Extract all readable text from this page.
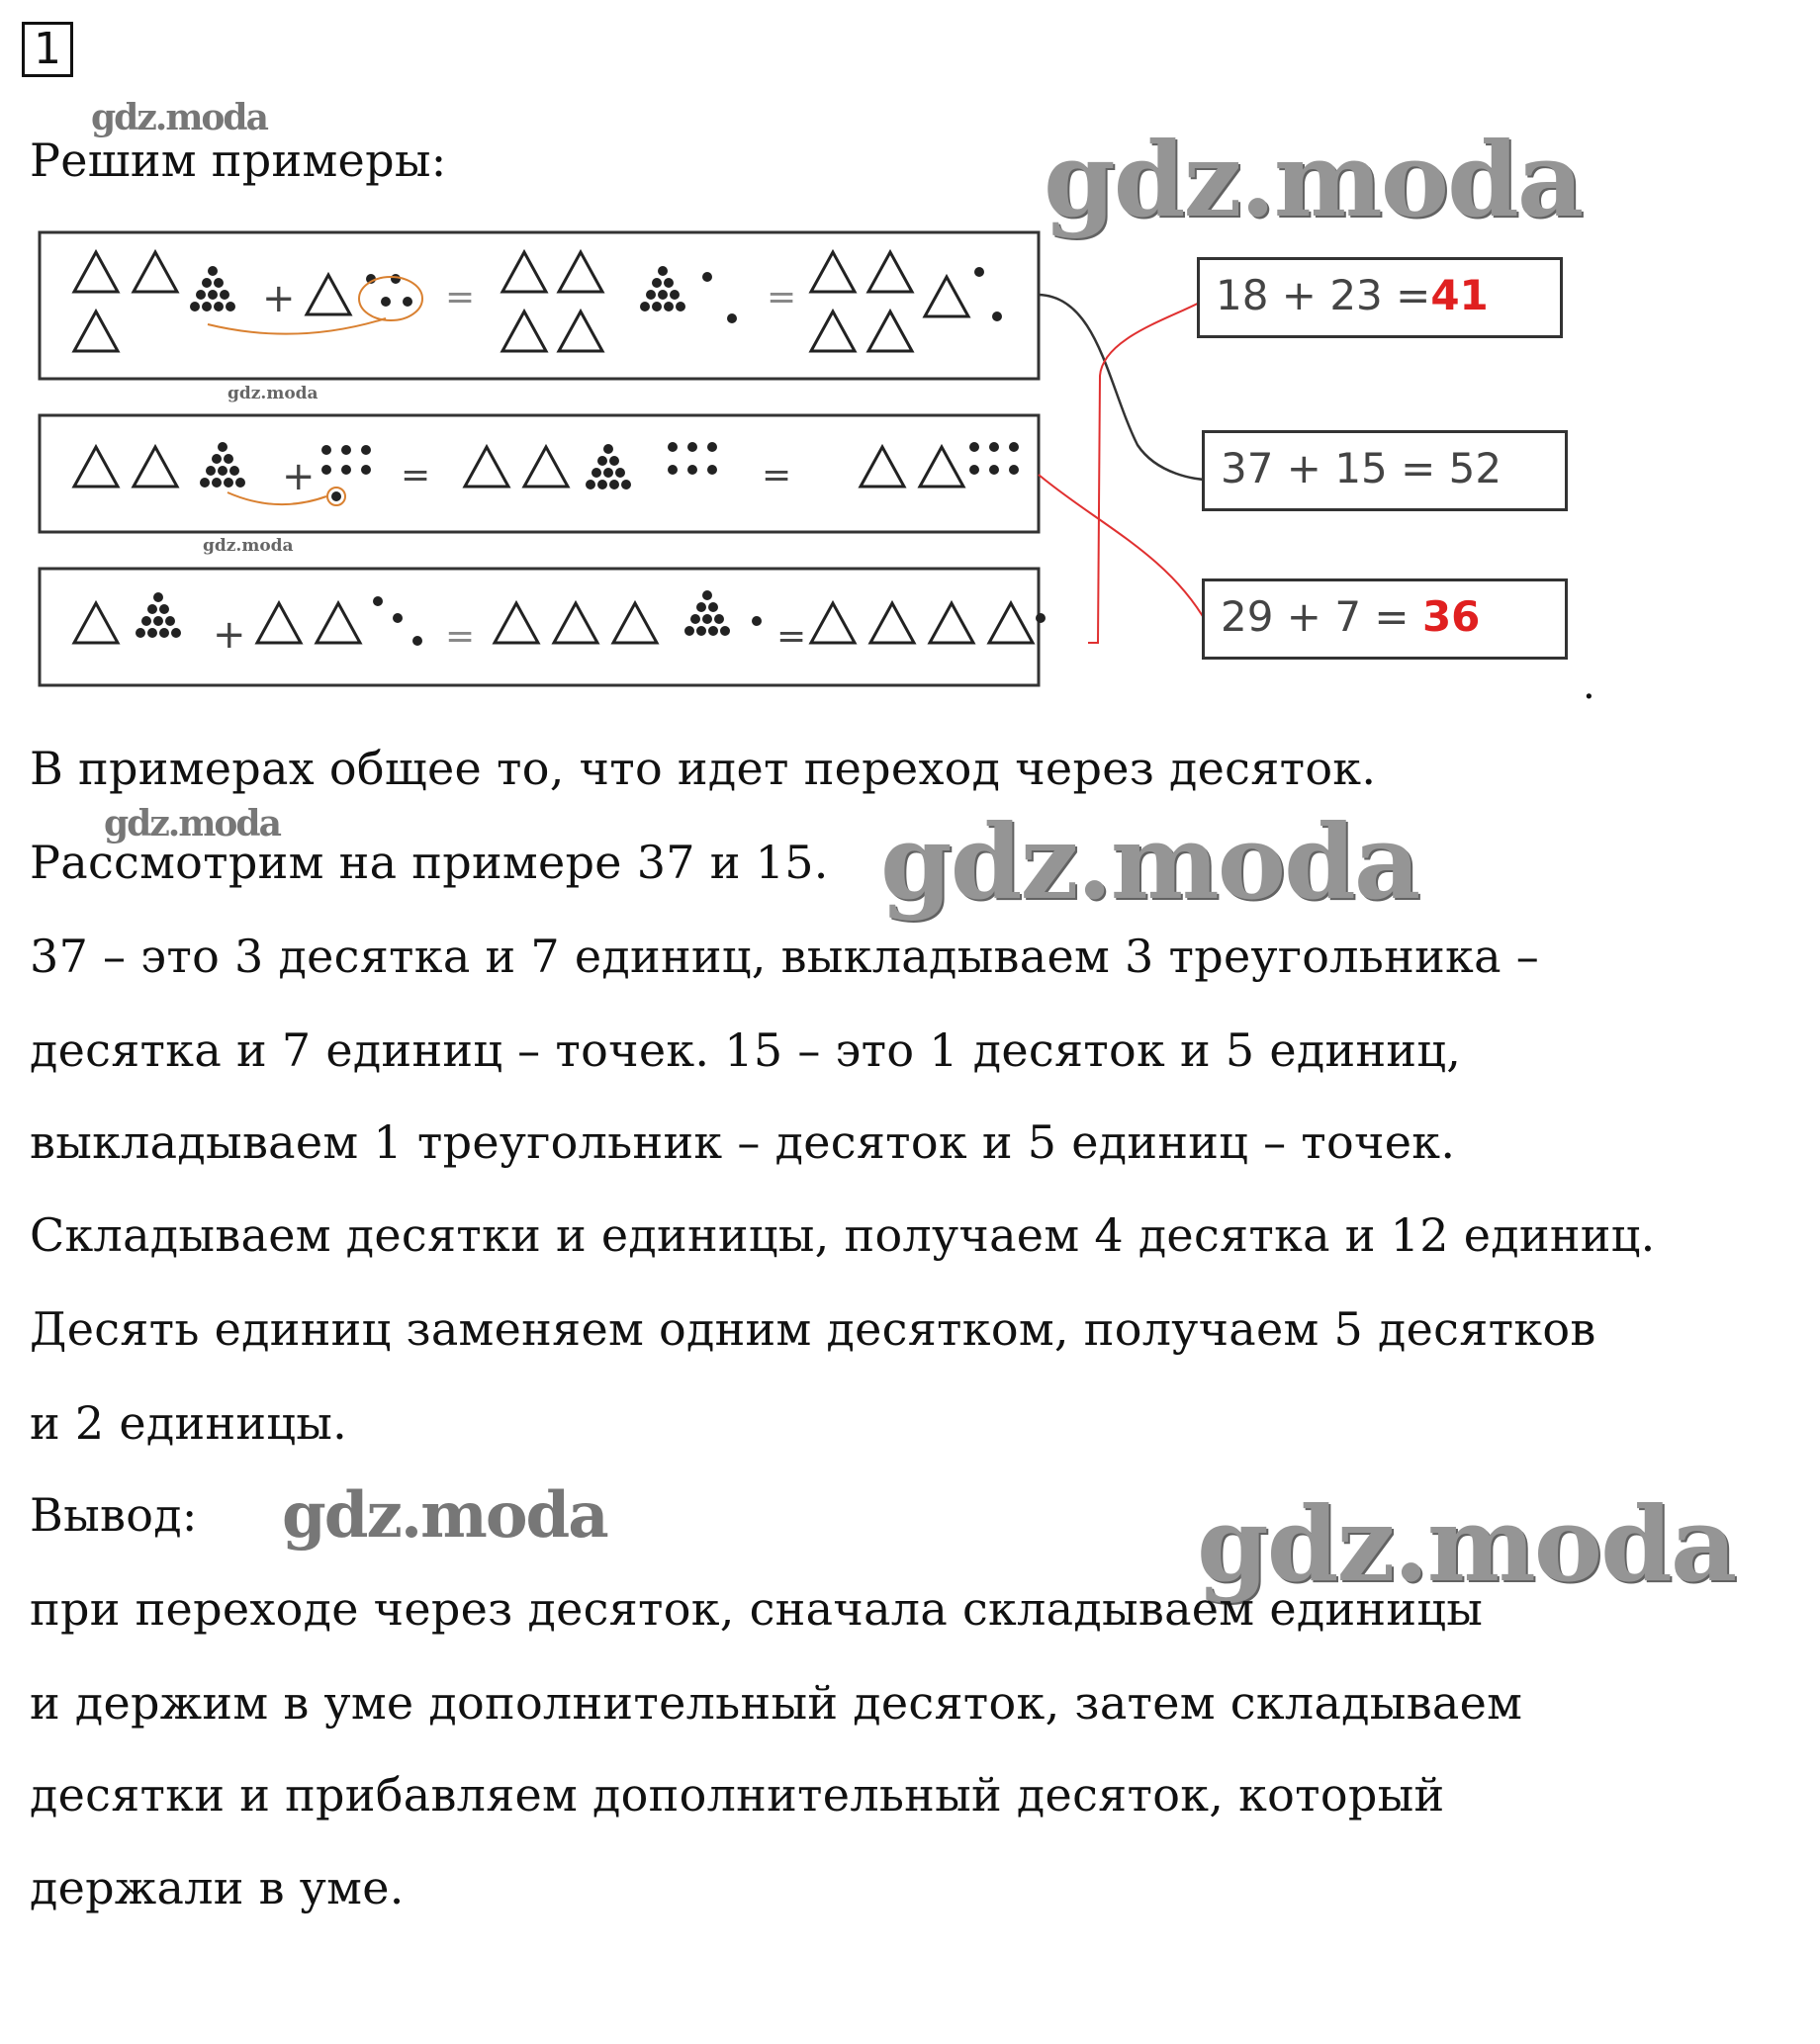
1
gdz.moda
Решим примеры:	gdz.moda
+	=	=
+ =	=
+	=	=
gdz.moda
gdz.moda
18 + 23 =41
37 + 15 = 52
29 + 7 = 36
.
В примерах общее то, что идет переход через десяток.
gdz.moda
Рассмотрим на примере 37 и 15. gdz.moda
37 – это 3 десятка и 7 единиц, выкладываем 3 треугольника –
десятка и 7 единиц – точек. 15 – это 1 десяток и 5 единиц,
выкладываем 1 треугольник – десяток и 5 единиц – точек.
Складываем десятки и единицы, получаем 4 десятка и 12 единиц.
Десять единиц заменяем одним десятком, получаем 5 десятков
и 2 единицы.
Вывод: gdz.moda	gdz.moda
при переходе через десяток, сначала складываем единицы
и держим в уме дополнительный десяток, затем складываем
десятки и прибавляем дополнительный десяток, который
держали в уме.
